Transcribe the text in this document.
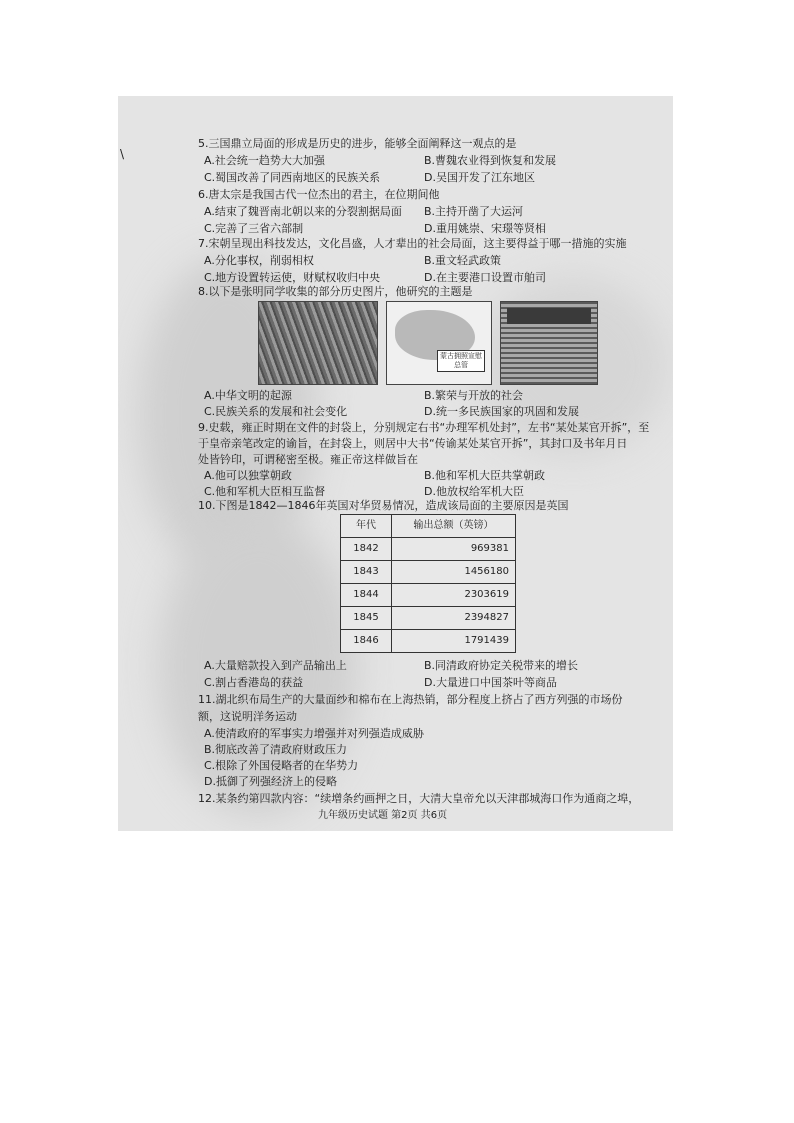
\
5.三国鼎立局面的形成是历史的进步，能够全面阐释这一观点的是
A.社会统一趋势大大加强	B.曹魏农业得到恢复和发展
C.蜀国改善了同西南地区的民族关系	D.吴国开发了江东地区
6.唐太宗是我国古代一位杰出的君主，在位期间他
A.结束了魏晋南北朝以来的分裂割据局面 B.主持开凿了大运河
C.完善了三省六部制	D.重用姚崇、宋璟等贤相
7.宋朝呈现出科技发达，文化昌盛，人才辈出的社会局面，这主要得益于哪一措施的实施
A.分化事权，削弱相权	B.重文轻武政策
C.地方设置转运使，财赋权收归中央	D.在主要港口设置市舶司
8.以下是张明同学收集的部分历史图片，他研究的主题是
蒙古拥照宣慰总管
A.中华文明的起源	B.繁荣与开放的社会
C.民族关系的发展和社会变化	D.统一多民族国家的巩固和发展
9.史载，雍正时期在文件的封袋上，分别规定右书“办理军机处封”，左书“某处某官开拆”，至
于皇帝亲笔改定的谕旨，在封袋上，则居中大书“传谕某处某官开拆”，其封口及书年月日
处皆钤印，可谓秘密至极。雍正帝这样做旨在
A.他可以独掌朝政	B.他和军机大臣共掌朝政
C.他和军机大臣相互监督	D.他放权给军机大臣
10.下图是1842—1846年英国对华贸易情况，造成该局面的主要原因是英国
年代	输出总额（英镑）
1842	969381
1843	1456180
1844	2303619
1845	2394827
1846	1791439
A.大量赔款投入到产品输出上	B.同清政府协定关税带来的增长
C.割占香港岛的获益	D.大量进口中国茶叶等商品
11.湖北织布局生产的大量面纱和棉布在上海热销，部分程度上挤占了西方列强的市场份
额，这说明洋务运动
A.使清政府的军事实力增强并对列强造成威胁
B.彻底改善了清政府财政压力
C.根除了外国侵略者的在华势力
D.抵御了列强经济上的侵略
12.某条约第四款内容：“续增条约画押之日，大清大皇帝允以天津郡城海口作为通商之埠，
九年级历史试题 第2页 共6页
